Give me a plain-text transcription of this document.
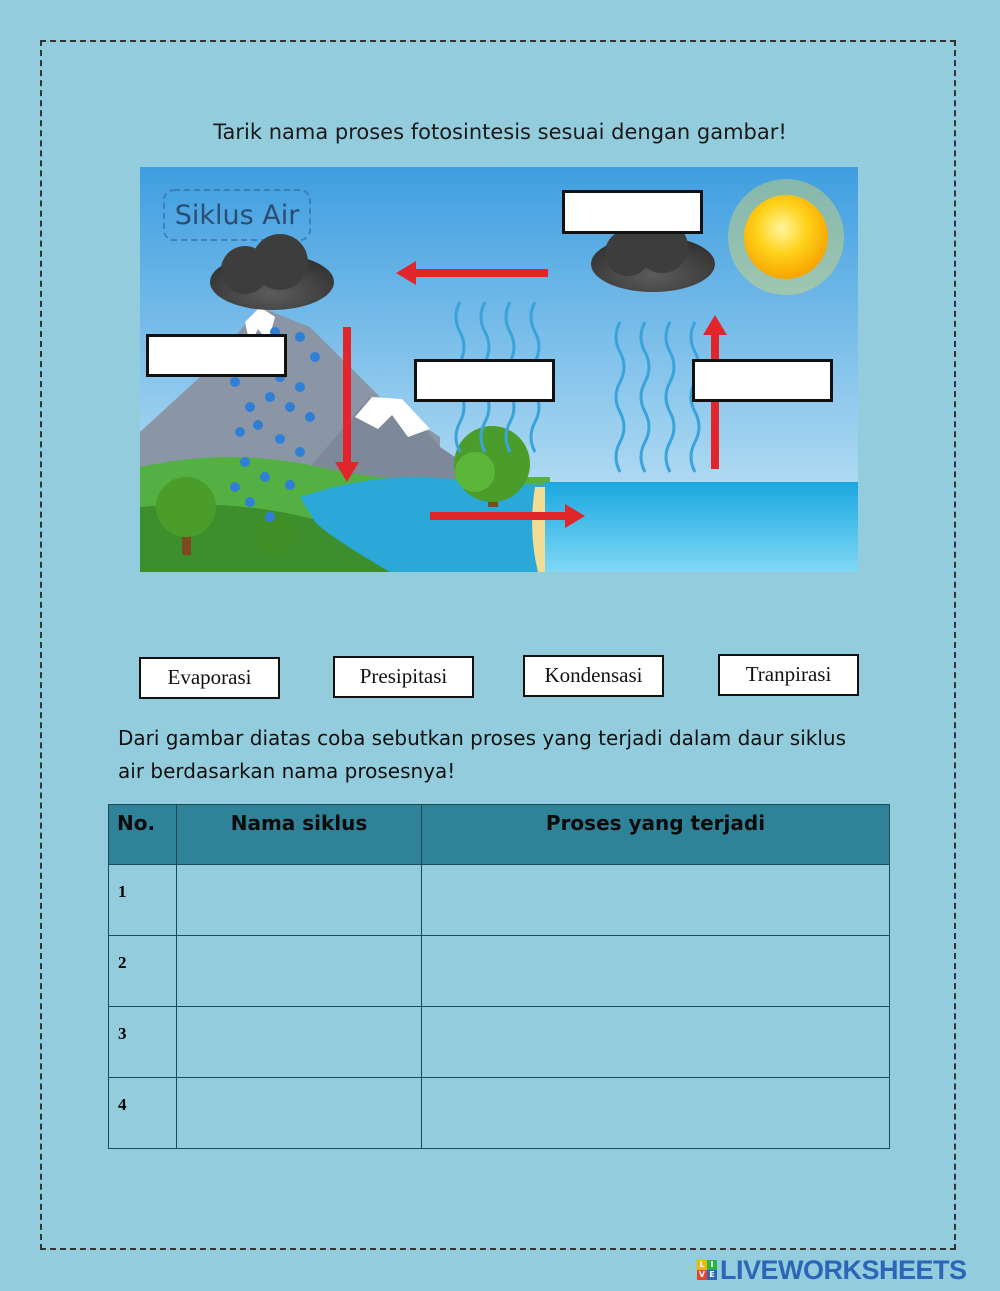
Tarik nama proses fotosintesis sesuai dengan gambar!
Siklus Air
Evaporasi	Presipitasi	Kondensasi	Tranpirasi
Dari gambar diatas coba sebutkan proses yang terjadi dalam daur siklus air berdasarkan nama prosesnya!
No.	Nama siklus	Proses yang terjadi
1		
2		
3		
4		
L I
V E LIVEWORKSHEETS
